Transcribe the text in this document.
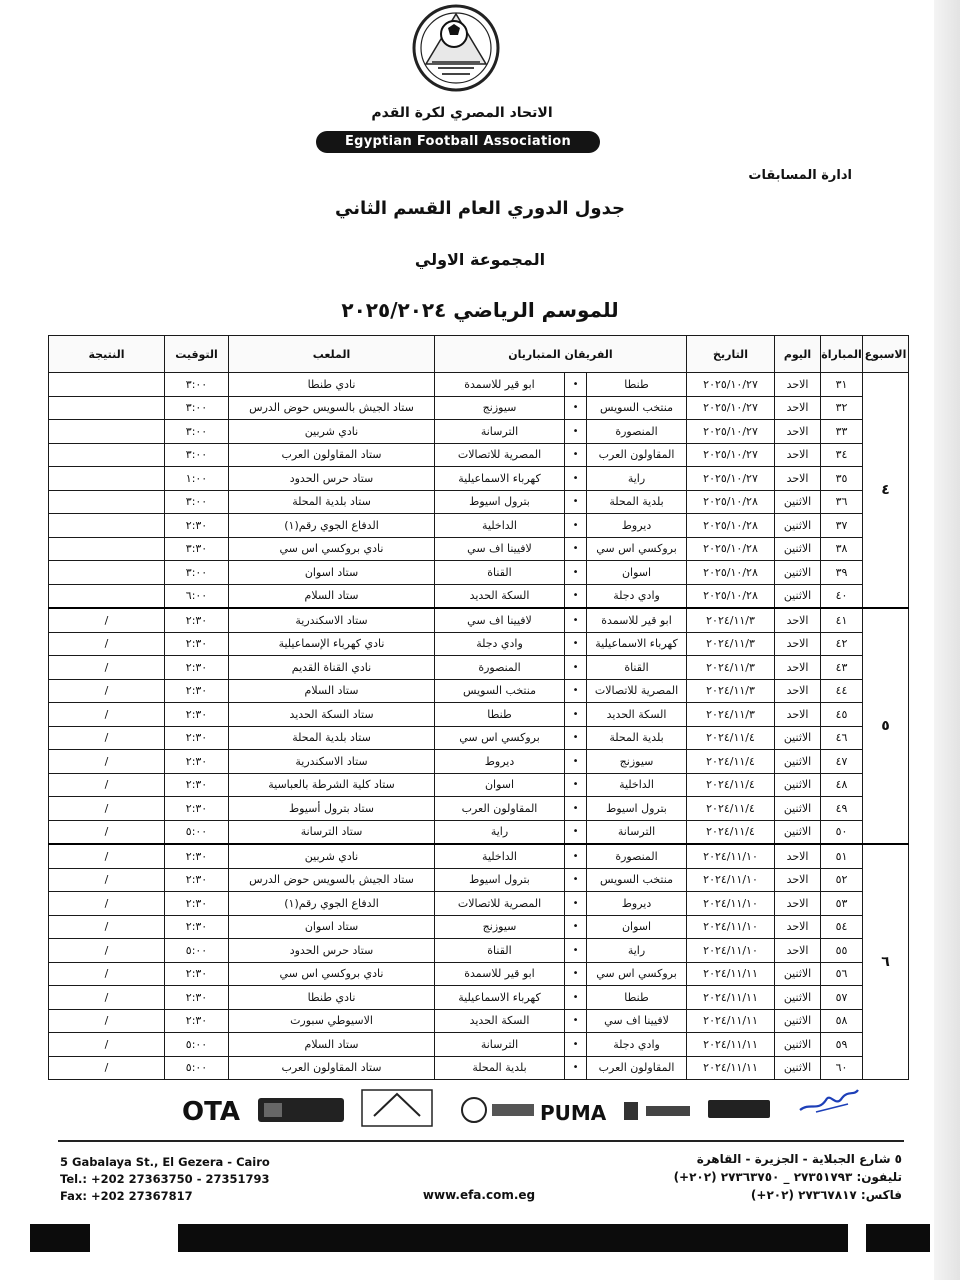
الاتحاد المصري لكرة القدم
Egyptian Football Association
ادارة المسابقات
جدول الدوري العام القسم الثاني
المجموعة الاولي
للموسم الرياضي ٢٠٢٥/٢٠٢٤
الاسبوع	المباراة	اليوم	التاريخ	الفريقان المتباريان			الملعب	التوقيت	النتيجة
٤	٣١	الاحد	٢٠٢٥/١٠/٢٧	طنطا	•	ابو قير للاسمدة	نادي طنطا	٣:٠٠	
	٣٢	الاحد	٢٠٢٥/١٠/٢٧	منتخب السويس	•	سيوزنج	ستاد الجيش بالسويس حوض الدرس	٣:٠٠	
	٣٣	الاحد	٢٠٢٥/١٠/٢٧	المنصورة	•	الترسانة	نادي شربين	٣:٠٠	
	٣٤	الاحد	٢٠٢٥/١٠/٢٧	المقاولون العرب	•	المصرية للاتصالات	ستاد المقاولون العرب	٣:٠٠	
	٣٥	الاحد	٢٠٢٥/١٠/٢٧	راية	•	كهرباء الاسماعيلية	ستاد حرس الحدود	١:٠٠	
	٣٦	الاثنين	٢٠٢٥/١٠/٢٨	بلدية المحلة	•	بترول اسيوط	ستاد بلدية المحلة	٣:٠٠	
	٣٧	الاثنين	٢٠٢٥/١٠/٢٨	ديروط	•	الداخلية	الدفاع الجوي رقم(١)	٢:٣٠	
	٣٨	الاثنين	٢٠٢٥/١٠/٢٨	بروكسي اس سي	•	لافيينا اف سي	نادي بروكسي اس سي	٣:٣٠	
	٣٩	الاثنين	٢٠٢٥/١٠/٢٨	اسوان	•	القناة	ستاد اسوان	٣:٠٠	
	٤٠	الاثنين	٢٠٢٥/١٠/٢٨	وادي دجلة	•	السكة الحديد	ستاد السلام	٦:٠٠	
٥	٤١	الاحد	٢٠٢٤/١١/٣	ابو قير للاسمدة	•	لافيينا اف سي	ستاد الاسكندرية	٢:٣٠	/
	٤٢	الاحد	٢٠٢٤/١١/٣	كهرباء الاسماعيلية	•	وادي دجلة	نادي كهرباء الإسماعيلية	٢:٣٠	/
	٤٣	الاحد	٢٠٢٤/١١/٣	القناة	•	المنصورة	نادي القناة القديم	٢:٣٠	/
	٤٤	الاحد	٢٠٢٤/١١/٣	المصرية للاتصالات	•	منتخب السويس	ستاد السلام	٢:٣٠	/
	٤٥	الاحد	٢٠٢٤/١١/٣	السكة الحديد	•	طنطا	ستاد السكة الحديد	٢:٣٠	/
	٤٦	الاثنين	٢٠٢٤/١١/٤	بلدية المحلة	•	بروكسي اس سي	ستاد بلدية المحلة	٢:٣٠	/
	٤٧	الاثنين	٢٠٢٤/١١/٤	سيوزنج	•	ديروط	ستاد الاسكندرية	٢:٣٠	/
	٤٨	الاثنين	٢٠٢٤/١١/٤	الداخلية	•	اسوان	ستاد كلية الشرطة بالعباسية	٢:٣٠	/
	٤٩	الاثنين	٢٠٢٤/١١/٤	بترول اسيوط	•	المقاولون العرب	ستاد بترول أسيوط	٢:٣٠	/
	٥٠	الاثنين	٢٠٢٤/١١/٤	الترسانة	•	راية	ستاد الترسانة	٥:٠٠	/
٦	٥١	الاحد	٢٠٢٤/١١/١٠	المنصورة	•	الداخلية	نادي شربين	٢:٣٠	/
	٥٢	الاحد	٢٠٢٤/١١/١٠	منتخب السويس	•	بترول اسيوط	ستاد الجيش بالسويس حوض الدرس	٢:٣٠	/
	٥٣	الاحد	٢٠٢٤/١١/١٠	ديروط	•	المصرية للاتصالات	الدفاع الجوي رقم(١)	٢:٣٠	/
	٥٤	الاحد	٢٠٢٤/١١/١٠	اسوان	•	سيوزنج	ستاد اسوان	٢:٣٠	/
	٥٥	الاحد	٢٠٢٤/١١/١٠	راية	•	القناة	ستاد حرس الحدود	٥:٠٠	/
	٥٦	الاثنين	٢٠٢٤/١١/١١	بروكسي اس سي	•	ابو قير للاسمدة	نادي بروكسي اس سي	٢:٣٠	/
	٥٧	الاثنين	٢٠٢٤/١١/١١	طنطا	•	كهرباء الاسماعيلية	نادي طنطا	٢:٣٠	/
	٥٨	الاثنين	٢٠٢٤/١١/١١	لافيينا اف سي	•	السكة الحديد	الاسيوطي سبورت	٢:٣٠	/
	٥٩	الاثنين	٢٠٢٤/١١/١١	وادي دجلة	•	الترسانة	ستاد السلام	٥:٠٠	/
	٦٠	الاثنين	٢٠٢٤/١١/١١	المقاولون العرب	•	بلدية المحلة	ستاد المقاولون العرب	٥:٠٠	/
OTA	PUMA
5 Gabalaya St., El Gezera - Cairo
Tel.: +202 27363750 - 27351793
Fax: +202 27367817	www.efa.com.eg
٥ شارع الجبلاية - الجزيرة - القاهرة
تليفون: ٢٧٣٥١٧٩٣ _ ٢٧٣٦٣٧٥٠ (٢٠٢+)
فاكس: ٢٧٣٦٧٨١٧ (٢٠٢+)
